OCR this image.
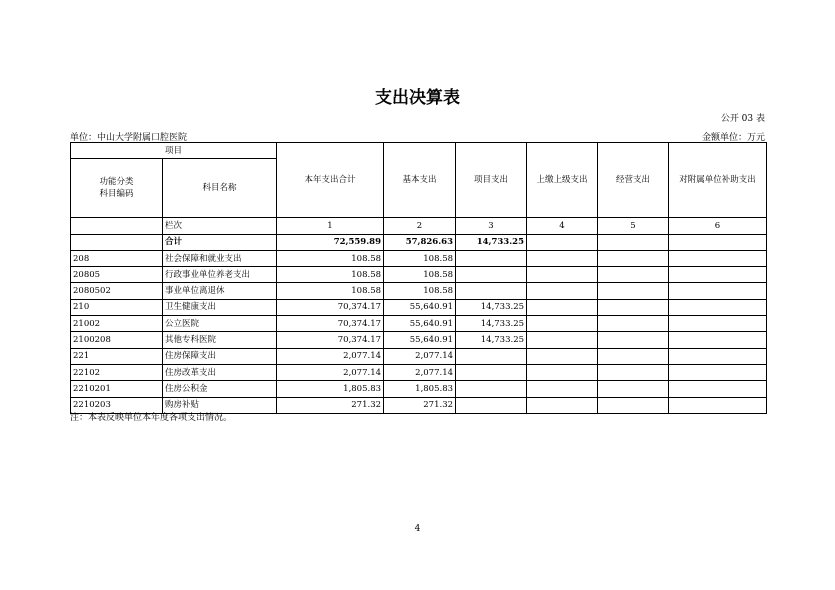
支出决算表
公开 03 表
单位：中山大学附属口腔医院	金额单位：万元
项目		本年支出合计	基本支出	项目支出	上缴上级支出	经营支出	对附属单位补助支出
功能分类
科目编码	科目名称						
	栏次	1	2	3	4	5	6
	合计	72,559.89	57,826.63	14,733.25			
208	社会保障和就业支出	108.58	108.58				
20805	行政事业单位养老支出	108.58	108.58				
2080502	事业单位离退休	108.58	108.58				
210	卫生健康支出	70,374.17	55,640.91	14,733.25			
21002	公立医院	70,374.17	55,640.91	14,733.25			
2100208	其他专科医院	70,374.17	55,640.91	14,733.25			
221	住房保障支出	2,077.14	2,077.14				
22102	住房改革支出	2,077.14	2,077.14				
2210201	住房公积金	1,805.83	1,805.83				
2210203	购房补贴	271.32	271.32				
注：本表反映单位本年度各项支出情况。
4
